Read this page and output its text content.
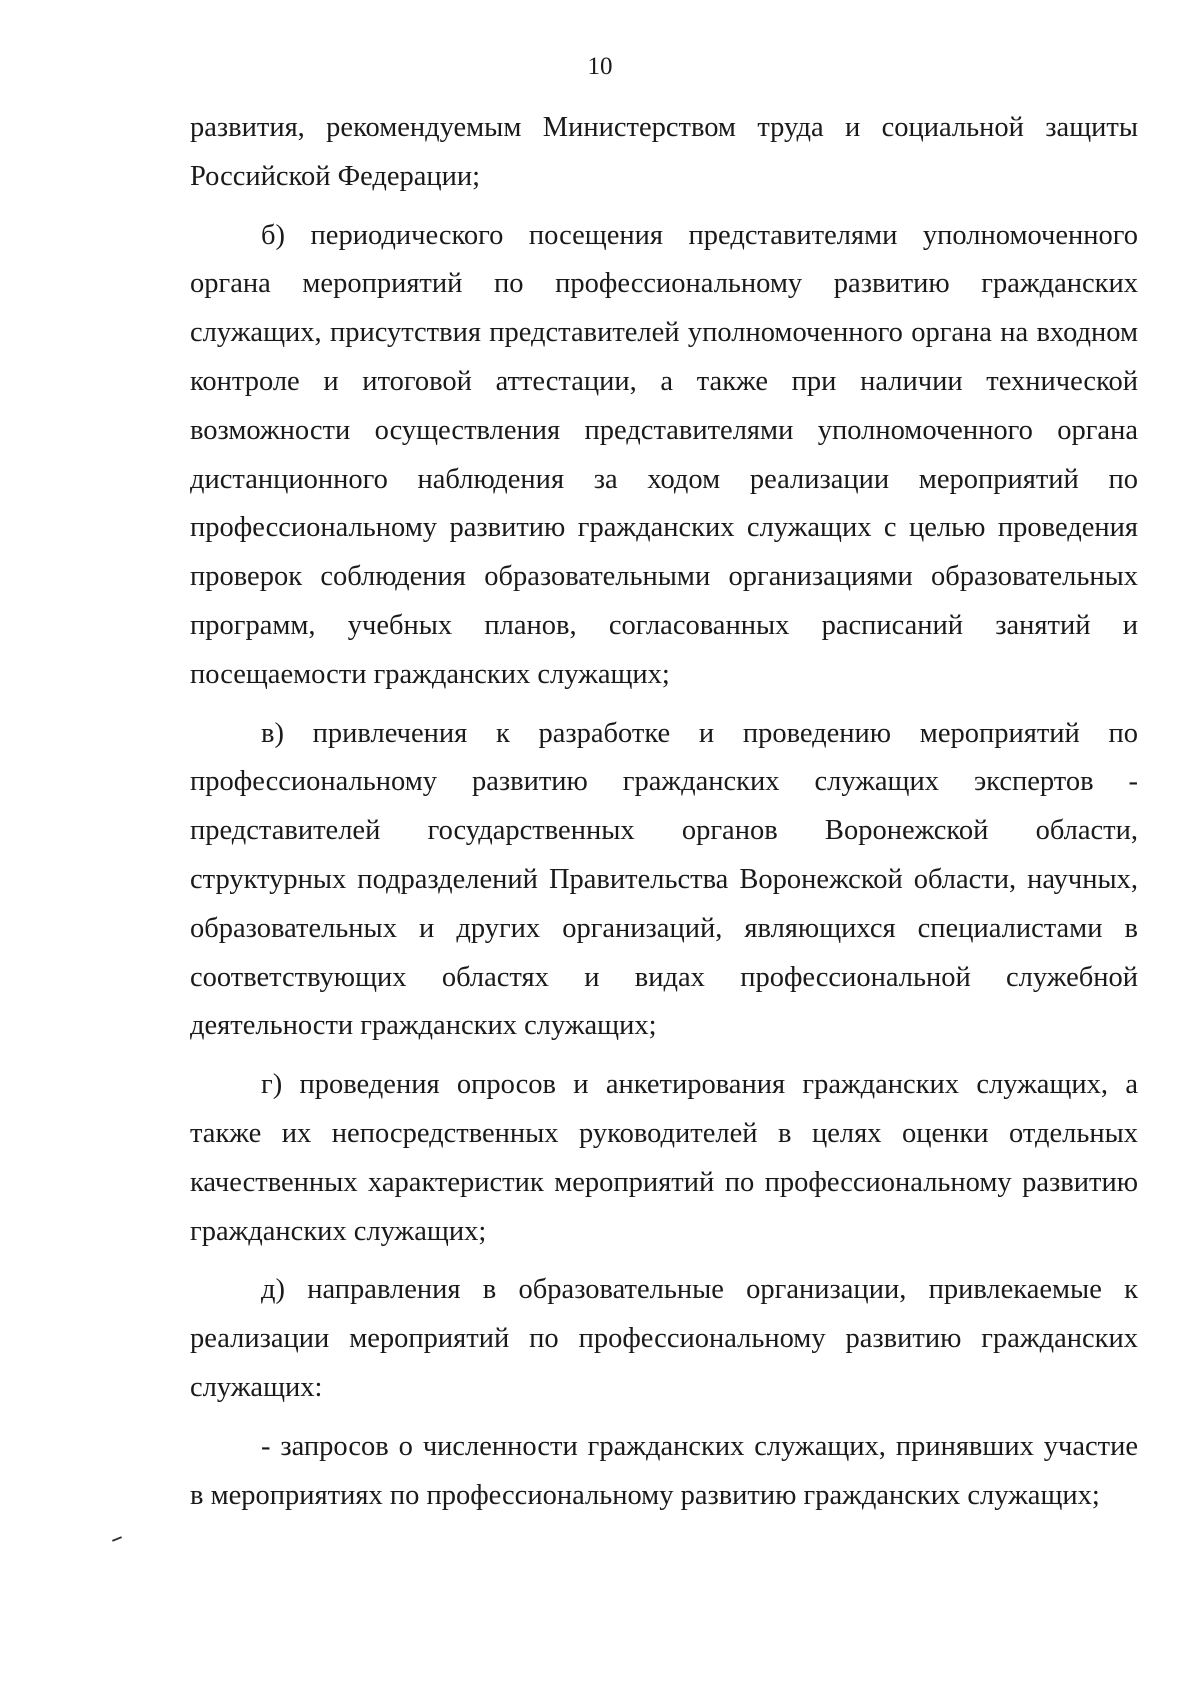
10

развития, рекомендуемым Министерством труда и социальной защиты Российской Федерации;

б) периодического посещения представителями уполномоченного органа мероприятий по профессиональному развитию гражданских служащих, присутствия представителей уполномоченного органа на входном контроле и итоговой аттестации, а также при наличии технической возможности осуществления представителями уполномоченного органа дистанционного наблюдения за ходом реализации мероприятий по профессиональному развитию гражданских служащих с целью проведения проверок соблюдения образовательными организациями образовательных программ, учебных планов, согласованных расписаний занятий и посещаемости гражданских служащих;

в) привлечения к разработке и проведению мероприятий по профессиональному развитию гражданских служащих экспертов - представителей государственных органов Воронежской области, структурных подразделений Правительства Воронежской области, научных, образовательных и других организаций, являющихся специалистами в соответствующих областях и видах профессиональной служебной деятельности гражданских служащих;

г) проведения опросов и анкетирования гражданских служащих, а также их непосредственных руководителей в целях оценки отдельных качественных характеристик мероприятий по профессиональному развитию гражданских служащих;

д) направления в образовательные организации, привлекаемые к реализации мероприятий по профессиональному развитию гражданских служащих:

- запросов о численности гражданских служащих, принявших участие в мероприятиях по профессиональному развитию гражданских служащих;
